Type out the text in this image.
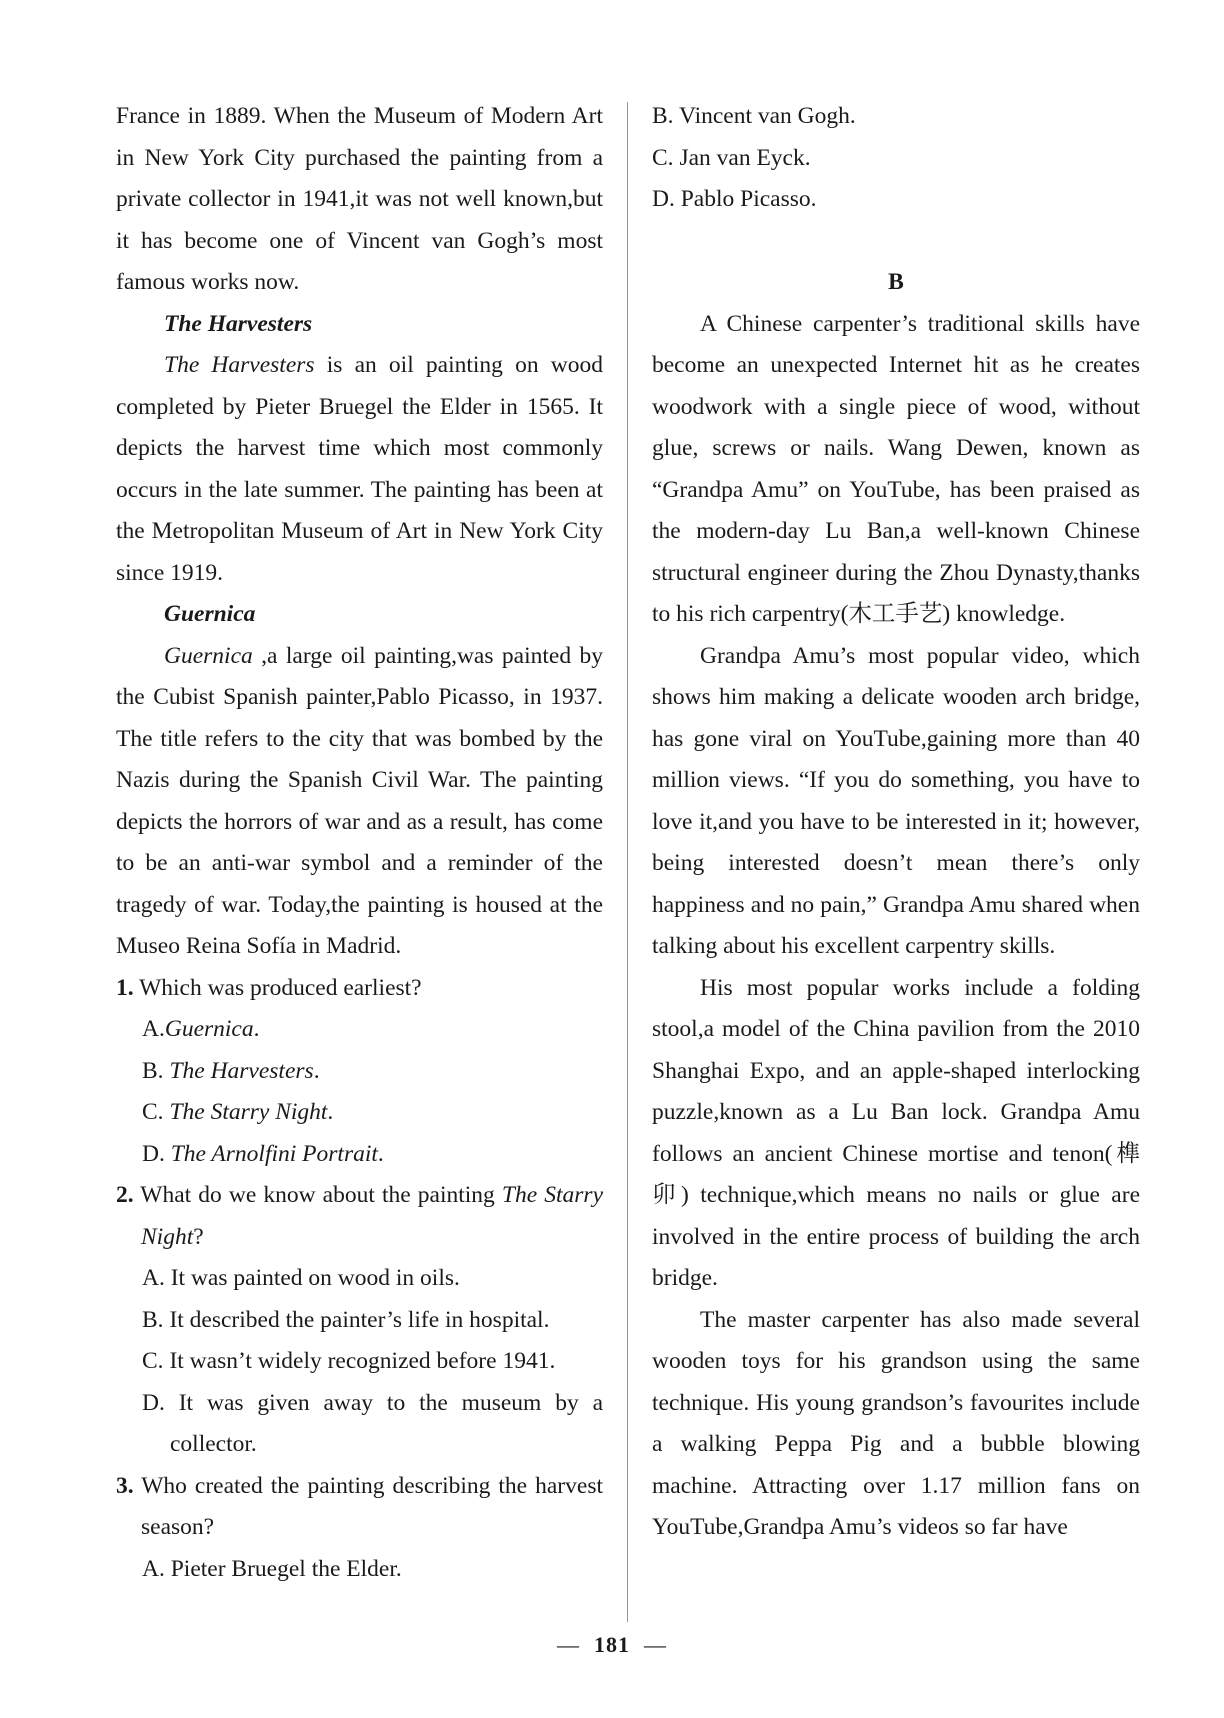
France in 1889. When the Museum of Modern Art in New York City purchased the painting from a private collector in 1941,it was not well known,but it has become one of Vincent van Gogh’s most famous works now.

The Harvesters

The Harvesters is an oil painting on wood completed by Pieter Bruegel the Elder in 1565. It depicts the harvest time which most commonly occurs in the late summer. The painting has been at the Metropolitan Museum of Art in New York City since 1919.

Guernica

Guernica ,a large oil painting,was painted by the Cubist Spanish painter,Pablo Picasso, in 1937. The title refers to the city that was bombed by the Nazis during the Spanish Civil War. The painting depicts the horrors of war and as a result, has come to be an anti-war symbol and a reminder of the tragedy of war. Today,the painting is housed at the Museo Reina Sofía in Madrid.

1. Which was produced earliest?

A.Guernica.

B. The Harvesters.

C. The Starry Night.

D. The Arnolfini Portrait.

2. What do we know about the painting The Starry Night?

A. It was painted on wood in oils.

B. It described the painter’s life in hospital.

C. It wasn’t widely recognized before 1941.

D. It was given away to the museum by a collector.

3. Who created the painting describing the harvest season?

A. Pieter Bruegel the Elder.

B. Vincent van Gogh.

C. Jan van Eyck.

D. Pablo Picasso.

B

A Chinese carpenter’s traditional skills have become an unexpected Internet hit as he creates woodwork with a single piece of wood, without glue, screws or nails. Wang Dewen, known as “Grandpa Amu” on YouTube, has been praised as the modern-day Lu Ban,a well-known Chinese structural engineer during the Zhou Dynasty,thanks to his rich carpentry(木工手艺) knowledge.

Grandpa Amu’s most popular video, which shows him making a delicate wooden arch bridge, has gone viral on YouTube,gaining more than 40 million views. “If you do something, you have to love it,and you have to be interested in it; however, being interested doesn’t mean there’s only happiness and no pain,” Grandpa Amu shared when talking about his excellent carpentry skills.

His most popular works include a folding stool,a model of the China pavilion from the 2010 Shanghai Expo, and an apple-shaped interlocking puzzle,known as a Lu Ban lock. Grandpa Amu follows an ancient Chinese mortise and tenon(榫卯) technique,which means no nails or glue are involved in the entire process of building the arch bridge.

The master carpenter has also made several wooden toys for his grandson using the same technique. His young grandson’s favourites include a walking Peppa Pig and a bubble blowing machine. Attracting over 1.17 million fans on YouTube,Grandpa Amu’s videos so far have

— 181 —
